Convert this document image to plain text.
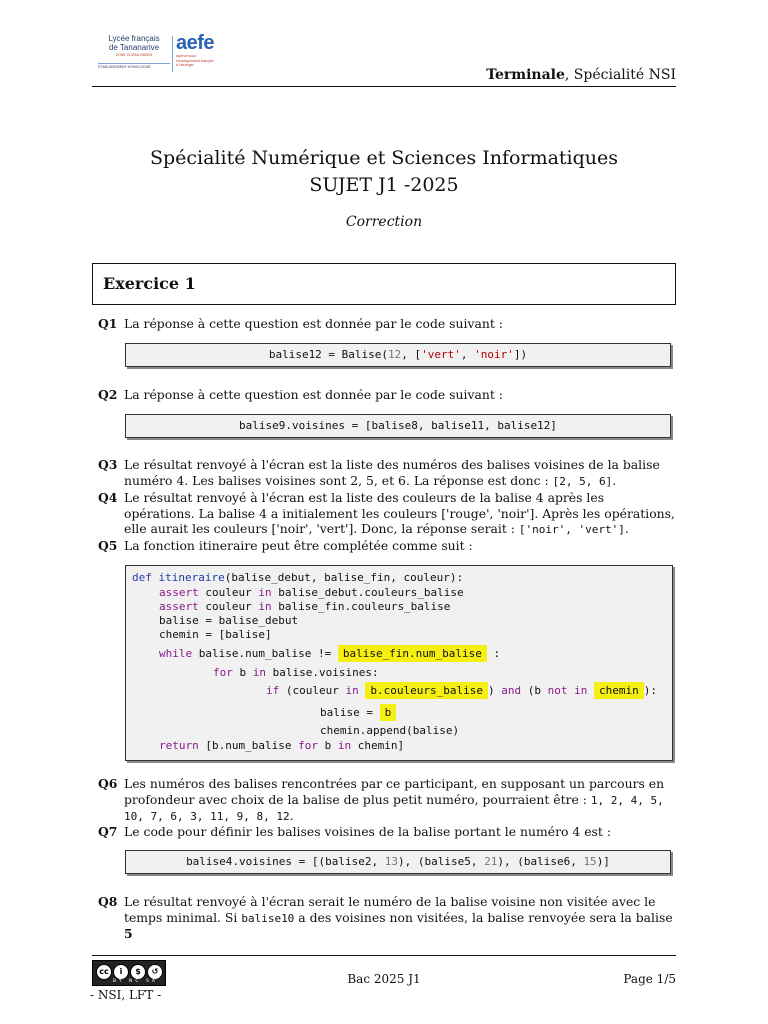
Lycée français
de Tananarive
ZONE OCÉAN INDIEN
ÉTABLISSEMENT HOMOLOGUÉ
aefe
Agence pour
l'enseignement français
à l'étranger
Terminale, Spécialité NSI
Spécialité Numérique et Sciences Informatiques
SUJET J1 -2025
Correction
Exercice 1
Q1 La réponse à cette question est donnée par le code suivant :
balise12 = Balise(12, ['vert', 'noir'])
Q2 La réponse à cette question est donnée par le code suivant :
balise9.voisines = [balise8, balise11, balise12]
Q3 Le résultat renvoyé à l'écran est la liste des numéros des balises voisines de la balise numéro 4. Les balises voisines sont 2, 5, et 6. La réponse est donc : [2, 5, 6].
Q4 Le résultat renvoyé à l'écran est la liste des couleurs de la balise 4 après les opérations. La balise 4 a initialement les couleurs ['rouge', 'noir']. Après les opérations, elle aurait les couleurs ['noir', 'vert']. Donc, la réponse serait : ['noir', 'vert'].
Q5 La fonction itineraire peut être complétée comme suit :
def itineraire(balise_debut, balise_fin, couleur):
assert couleur in balise_debut.couleurs_balise
assert couleur in balise_fin.couleurs_balise
balise = balise_debut
chemin = [balise]
while balise.num_balise != balise_fin.num_balise :
for b in balise.voisines:
if (couleur in b.couleurs_balise ) and (b not in chemin ):
balise = b
chemin.append(balise)
return [b.num_balise for b in chemin]
Q6 Les numéros des balises rencontrées par ce participant, en supposant un parcours en profondeur avec choix de la balise de plus petit numéro, pourraient être : 1, 2, 4, 5, 10, 7, 6, 3, 11, 9, 8, 12.
Q7 Le code pour définir les balises voisines de la balise portant le numéro 4 est :
balise4.voisines = [(balise2, 13), (balise5, 21), (balise6, 15)]
Q8 Le résultat renvoyé à l'écran serait le numéro de la balise voisine non visitée avec le temps minimal. Si balise10 a des voisines non visitées, la balise renvoyée sera la balise 5
cc	i	$	↺
BY NC SA
- NSI, LFT -
Bac 2025 J1	Page 1/5
